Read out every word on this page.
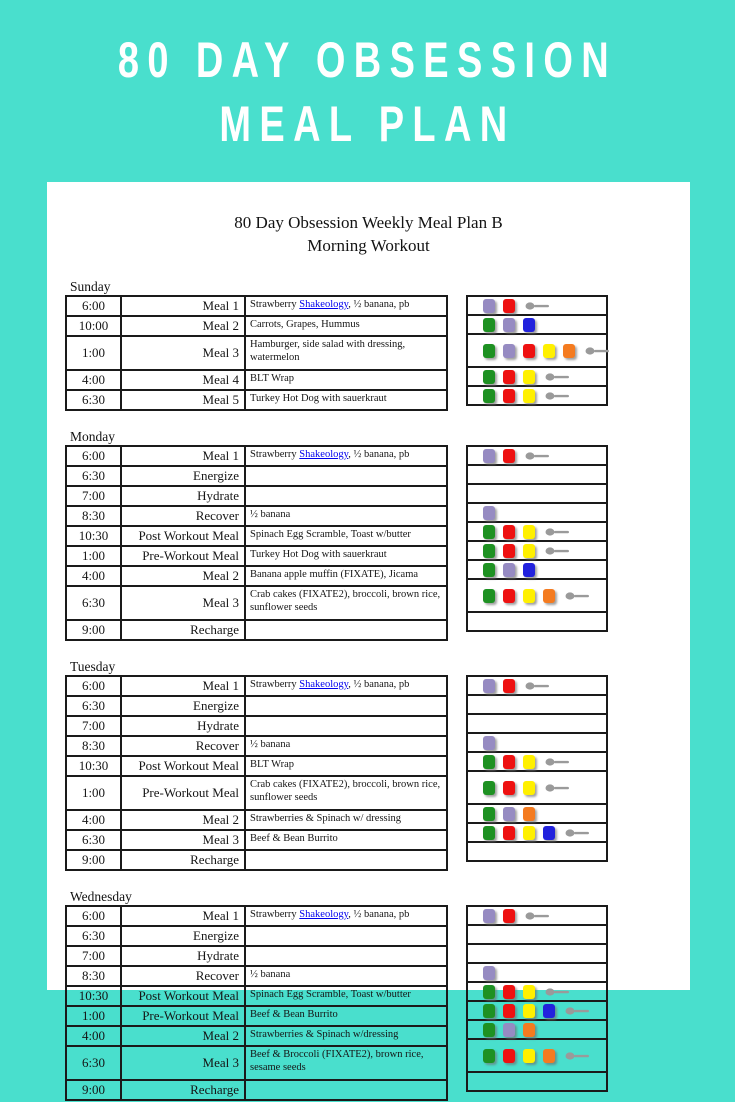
80 DAY OBSESSION
MEAL PLAN
80 Day Obsession Weekly Meal Plan B
Morning Workout
Sunday
6:00	Meal 1	Strawberry Shakeology, ½ banana, pb
10:00	Meal 2	Carrots, Grapes, Hummus
1:00	Meal 3	Hamburger, side salad with dressing, watermelon
4:00	Meal 4	BLT Wrap
6:30	Meal 5	Turkey Hot Dog with sauerkraut

Monday
6:00	Meal 1	Strawberry Shakeology, ½ banana, pb
6:30	Energize	
7:00	Hydrate	
8:30	Recover	½ banana
10:30	Post Workout Meal	Spinach Egg Scramble, Toast w/butter
1:00	Pre-Workout Meal	Turkey Hot Dog with sauerkraut
4:00	Meal 2	Banana apple muffin (FIXATE), Jicama
6:30	Meal 3	Crab cakes (FIXATE2), broccoli, brown rice, sunflower seeds
9:00	Recharge	

Tuesday
6:00	Meal 1	Strawberry Shakeology, ½ banana, pb
6:30	Energize	
7:00	Hydrate	
8:30	Recover	½ banana
10:30	Post Workout Meal	BLT Wrap
1:00	Pre-Workout Meal	Crab cakes (FIXATE2), broccoli, brown rice, sunflower seeds
4:00	Meal 2	Strawberries & Spinach w/ dressing
6:30	Meal 3	Beef & Bean Burrito
9:00	Recharge	

Wednesday
6:00	Meal 1	Strawberry Shakeology, ½ banana, pb
6:30	Energize	
7:00	Hydrate	
8:30	Recover	½ banana
10:30	Post Workout Meal	Spinach Egg Scramble, Toast w/butter
1:00	Pre-Workout Meal	Beef & Bean Burrito
4:00	Meal 2	Strawberries & Spinach w/dressing
6:30	Meal 3	Beef & Broccoli (FIXATE2), brown rice, sesame seeds
9:00	Recharge	
